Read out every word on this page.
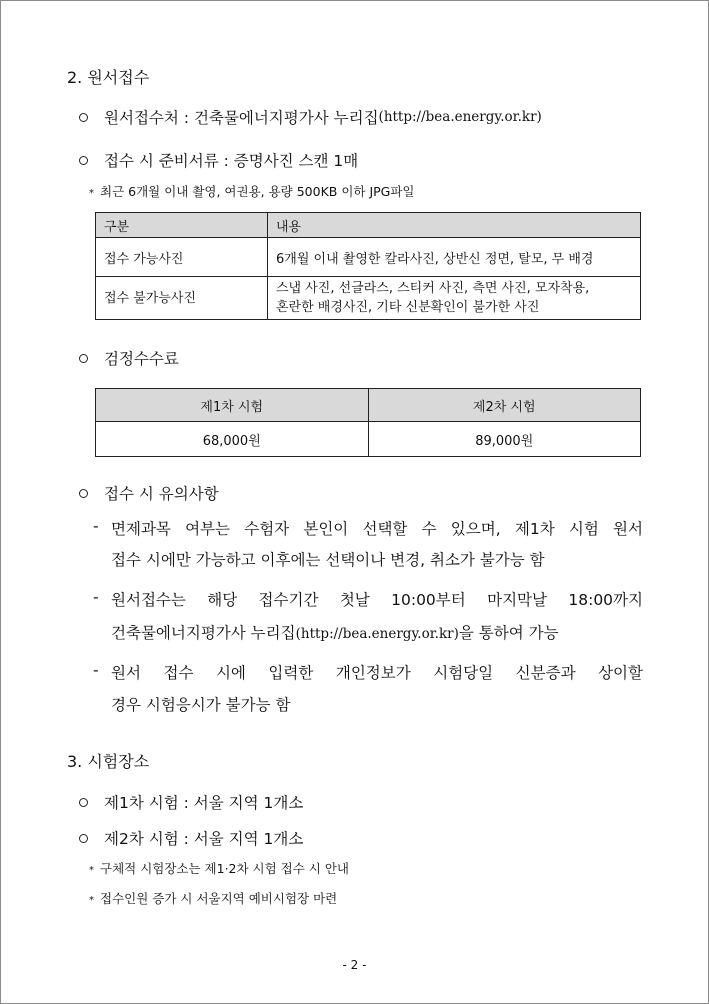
2. 원서접수
원서접수처 : 건축물에너지평가사 누리집 (http://bea.energy.or.kr)
접수 시 준비서류 : 증명사진 스캔 1매
* 최근 6개월 이내 촬영, 여권용, 용량 500KB 이하 JPG파일
구분	내용
접수 가능사진	6개월 이내 촬영한 칼라사진, 상반신 정면, 탈모, 무 배경
접수 불가능사진	스냅 사진, 선글라스, 스티커 사진, 측면 사진, 모자착용,
혼란한 배경사진, 기타 신분확인이 불가한 사진
검정수수료
제1차 시험	제2차 시험
68,000원	89,000원
접수 시 유의사항
- 면제과목 여부는 수험자 본인이 선택할 수 있으며, 제1차 시험 원서
접수 시에만 가능하고 이후에는 선택이나 변경, 취소가 불가능 함
- 원서접수는 해당 접수기간 첫날 10:00부터 마지막날 18:00까지
건축물에너지평가사 누리집(http://bea.energy.or.kr)을 통하여 가능
- 원서 접수 시에 입력한 개인정보가 시험당일 신분증과 상이할
경우 시험응시가 불가능 함
3. 시험장소
제1차 시험 : 서울 지역 1개소
제2차 시험 : 서울 지역 1개소
* 구체적 시험장소는 제1·2차 시험 접수 시 안내
* 접수인원 증가 시 서울지역 예비시험장 마련
- 2 -
